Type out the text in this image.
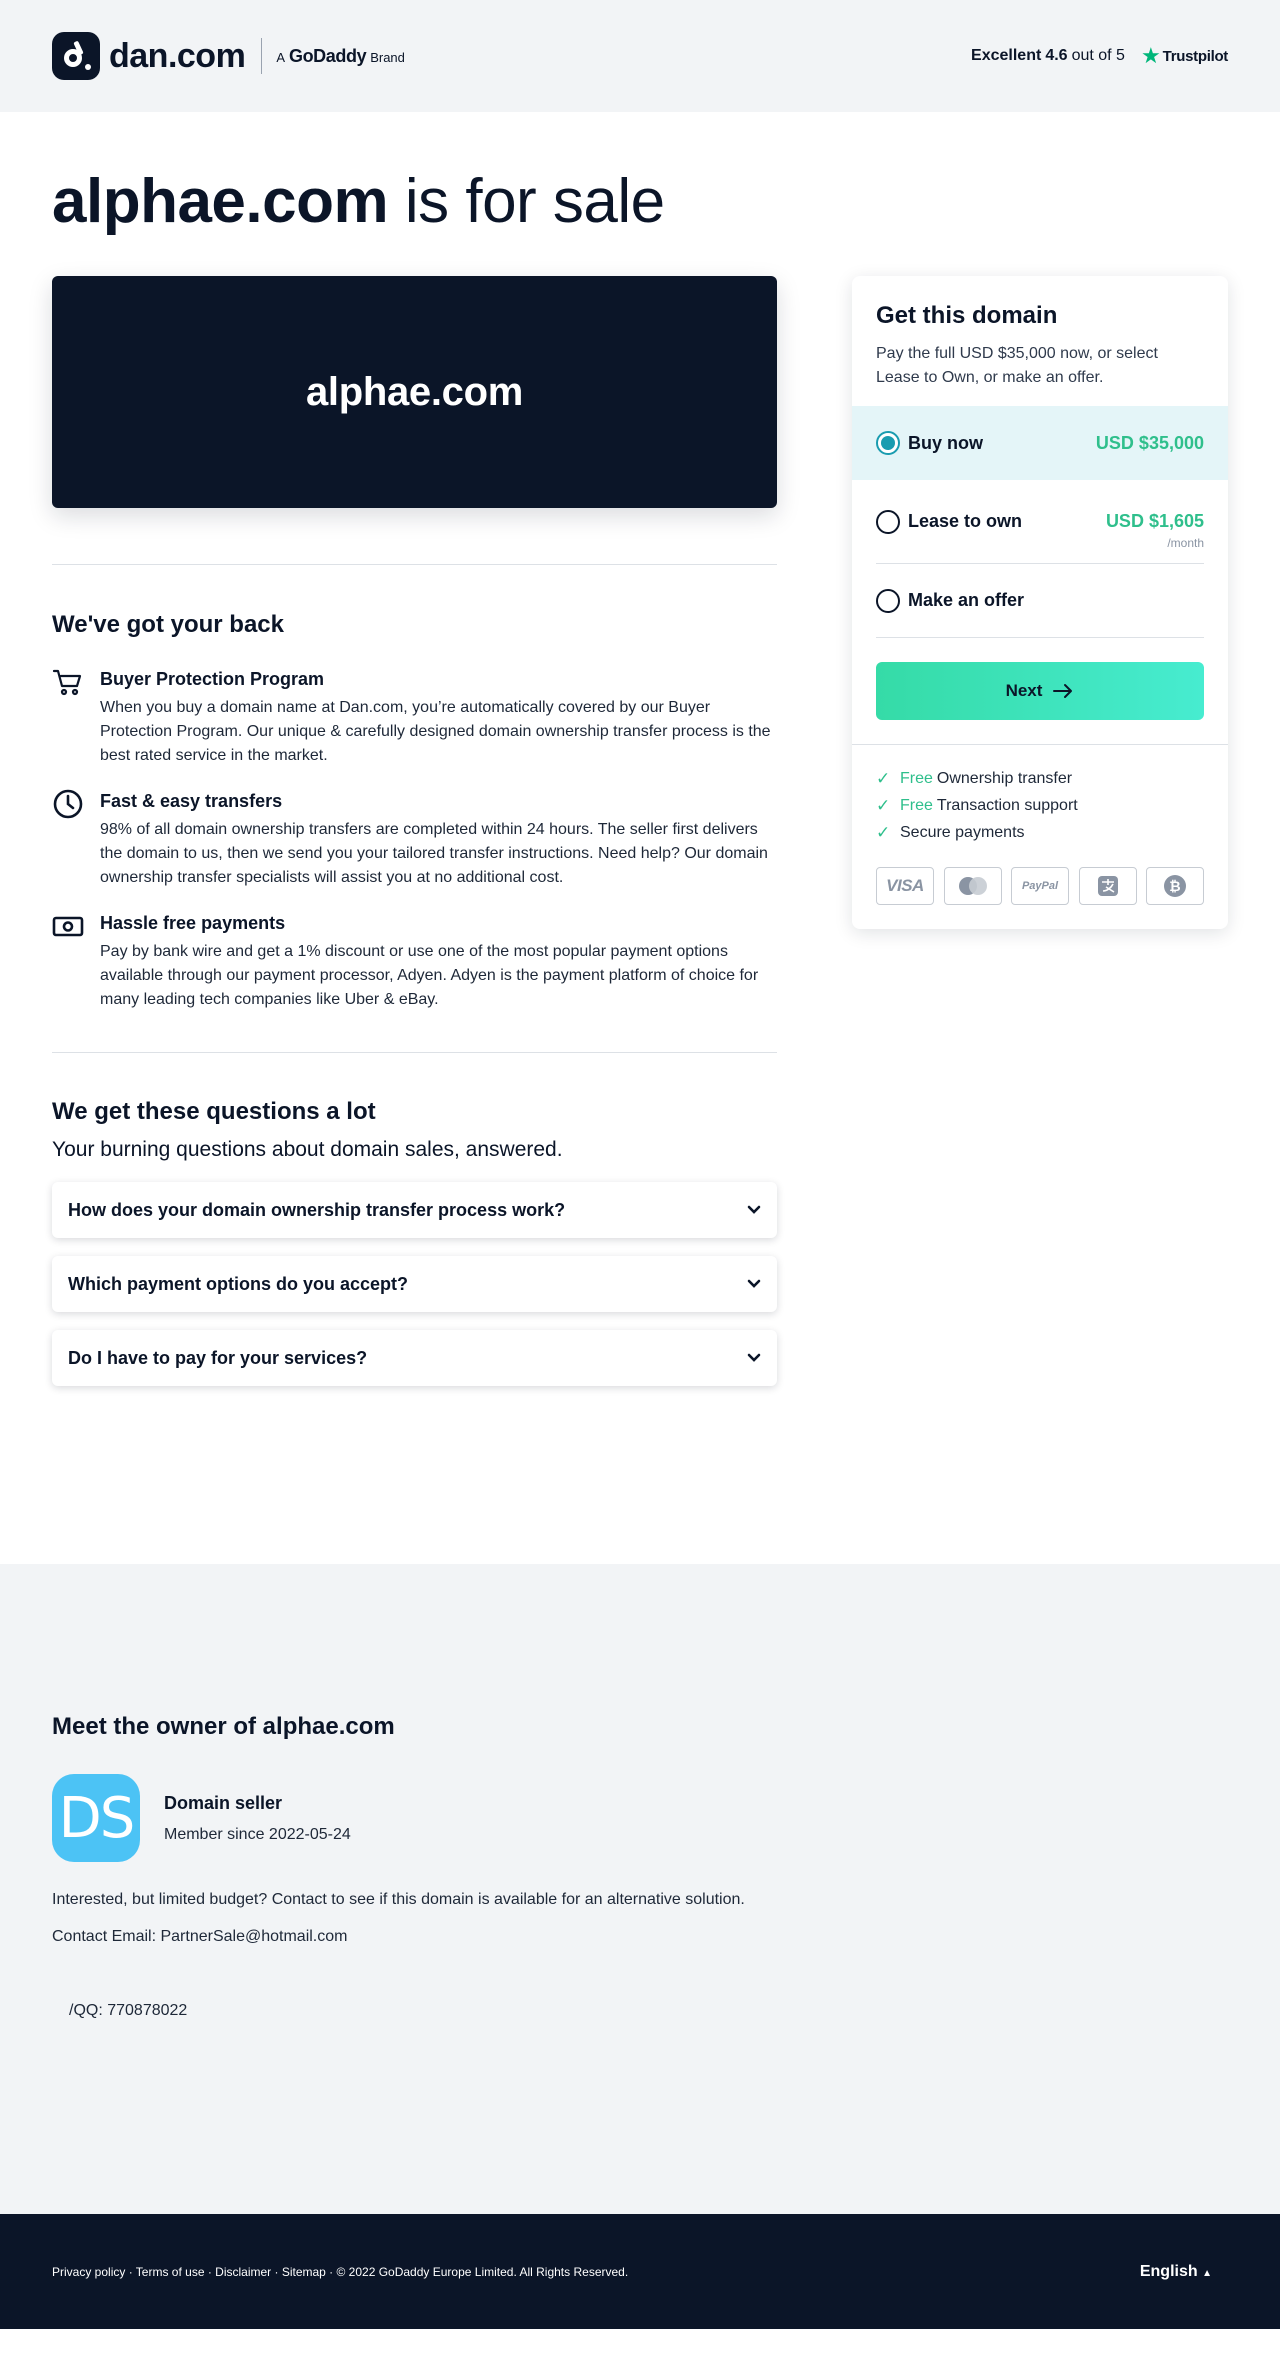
dan.com A GoDaddy Brand	Excellent 4.6 out of 5 ★ Trustpilot
alphae.com is for sale
alphae.com
We've got your back
Buyer Protection Program

When you buy a domain name at Dan.com, you’re automatically covered by our Buyer Protection Program. Our unique & carefully designed domain ownership transfer process is the best rated service in the market.

Fast & easy transfers

98% of all domain ownership transfers are completed within 24 hours. The seller first delivers the domain to us, then we send you your tailored transfer instructions. Need help? Our domain ownership transfer specialists will assist you at no additional cost.

Hassle free payments

Pay by bank wire and get a 1% discount or use one of the most popular payment options available through our payment processor, Adyen. Adyen is the payment platform of choice for many leading tech companies like Uber & eBay.

We get these questions a lot

Your burning questions about domain sales, answered.

How does your domain ownership transfer process work?
Which payment options do you accept?
Do I have to pay for your services?
Get this domain

Pay the full USD $35,000 now, or select Lease to Own, or make an offer.

Buy now	USD $35,000
Lease to own	USD $1,605
/month
Make an offer
Next
✓ Free Ownership transfer
✓ Free Transaction support
✓ Secure payments
VISA	PayPal	₿
Meet the owner of alphae.com
DS	Domain seller
Member since 2022-05-24

Interested, but limited budget? Contact to see if this domain is available for an alternative solution.

Contact Email: PartnerSale@hotmail.com

/QQ: 770878022

Privacy policy · Terms of use · Disclaimer · Sitemap · © 2022 GoDaddy Europe Limited. All Rights Reserved.	English ▲
